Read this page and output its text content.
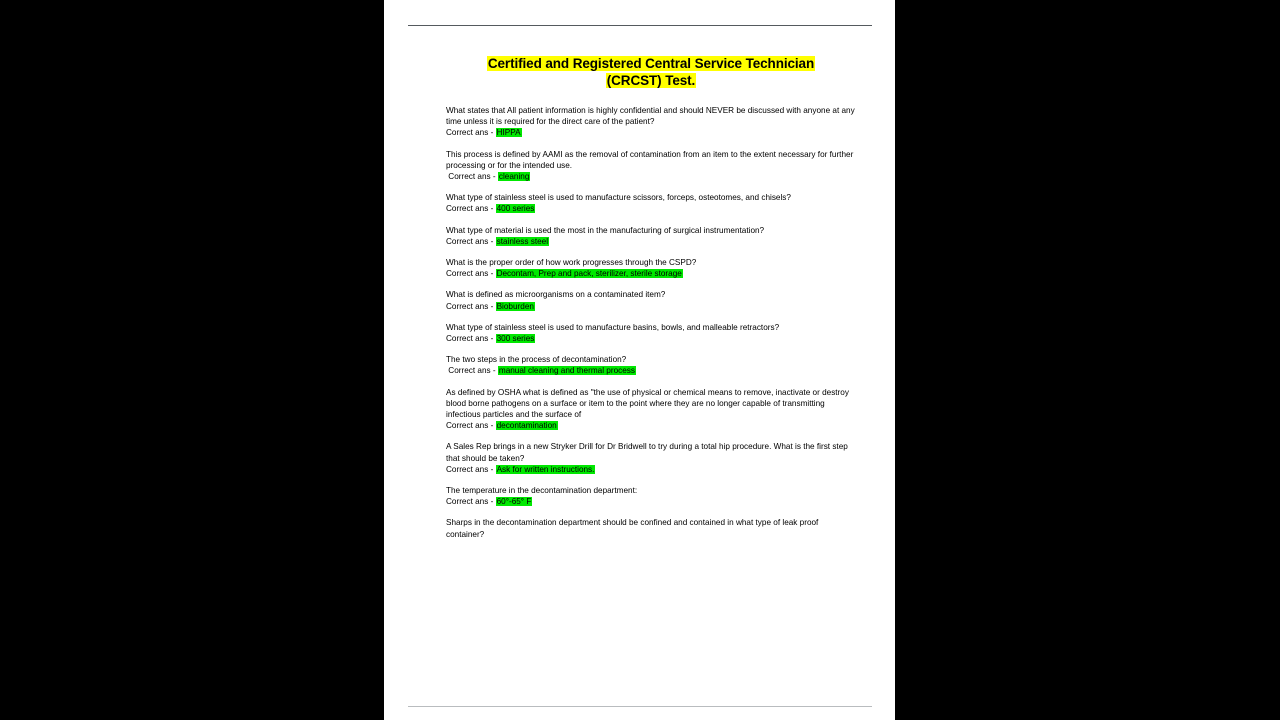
Certified and Registered Central Service Technician
(CRCST) Test.

What states that All patient information is highly confidential and should NEVER be discussed with anyone at any time unless it is required for the direct care of the patient?

Correct ans - HIPPA

This process is defined by AAMI as the removal of contamination from an item to the extent necessary for further processing or for the intended use.

Correct ans - cleaning

What type of stainless steel is used to manufacture scissors, forceps, osteotomes, and chisels?

Correct ans - 400 series

What type of material is used the most in the manufacturing of surgical instrumentation?

Correct ans - stainless steel

What is the proper order of how work progresses through the CSPD?

Correct ans - Decontam, Prep and pack, sterilizer, sterile storage

What is defined as microorganisms on a contaminated item?

Correct ans - Bioburden

What type of stainless steel is used to manufacture basins, bowls, and malleable retractors?

Correct ans - 300 series

The two steps in the process of decontamination?

Correct ans - manual cleaning and thermal process

As defined by OSHA what is defined as "the use of physical or chemical means to remove, inactivate or destroy blood borne pathogens on a surface or item to the point where they are no longer capable of transmitting infectious particles and the surface of

Correct ans - decontamination

A Sales Rep brings in a new Stryker Drill for Dr Bridwell to try during a total hip procedure. What is the first step that should be taken?

Correct ans - Ask for written instructions.

The temperature in the decontamination department:

Correct ans - 60°-65° F

Sharps in the decontamination department should be confined and contained in what type of leak proof container?
